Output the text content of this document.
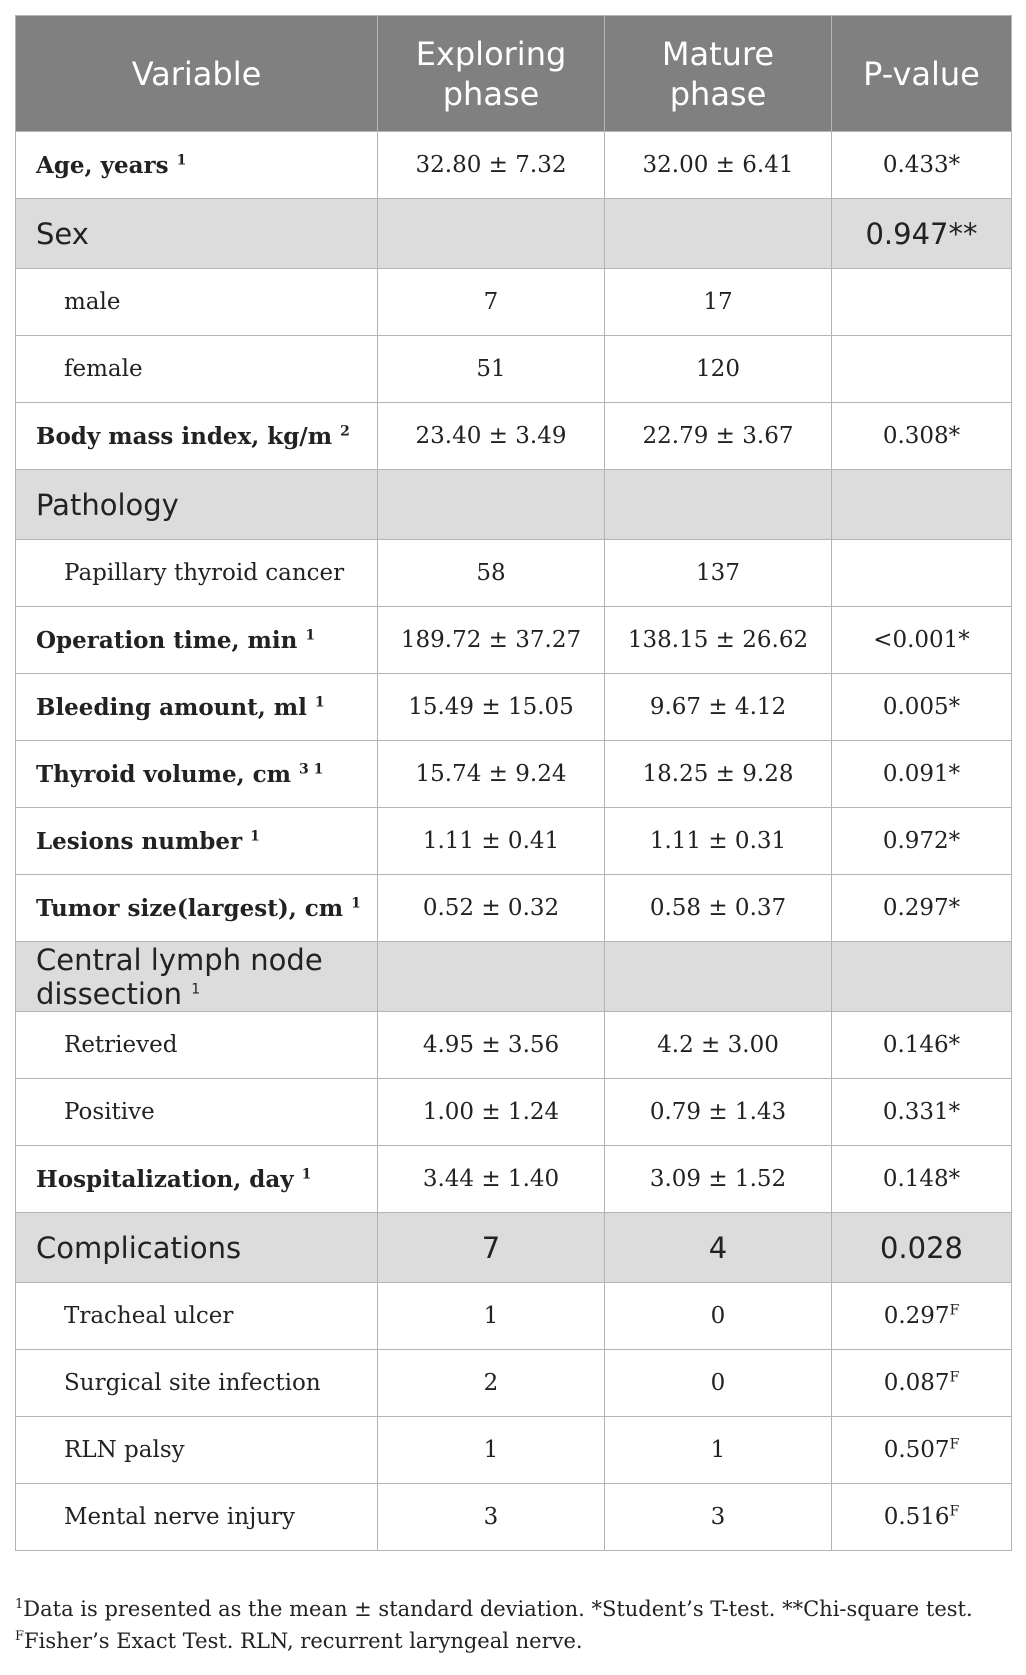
Variable	Exploring phase	Mature phase	P-value
Age, years $^1$	32.80 ± 7.32	32.00 ± 6.41	0.433*
Sex			0.947**
male	7	17	
female	51	120	
Body mass index, kg/m $^2$	23.40 ± 3.49	22.79 ± 3.67	0.308*
Pathology			
Papillary thyroid cancer	58	137	
Operation time, min $^1$	189.72 ± 37.27	138.15 ± 26.62	<0.001*
Bleeding amount, ml $^1$	15.49 ± 15.05	9.67 ± 4.12	0.005*
Thyroid volume, cm $^{3 1}$	15.74 ± 9.24	18.25 ± 9.28	0.091*
Lesions number $^1$	1.11 ± 0.41	1.11 ± 0.31	0.972*
Tumor size(largest), cm $^1$	0.52 ± 0.32	0.58 ± 0.37	0.297*
Central lymph node dissection $^1$			
Retrieved	4.95 ± 3.56	4.2 ± 3.00	0.146*
Positive	1.00 ± 1.24	0.79 ± 1.43	0.331*
Hospitalization, day $^1$	3.44 ± 1.40	3.09 ± 1.52	0.148*
Complications	7	4	0.028
Tracheal ulcer	1	0	$0.297^F$
Surgical site infection	2	0	$0.087^F$
RLN palsy	1	1	$0.507^F$
Mental nerve injury	3	3	$0.516^F$
$^1$Data is presented as the mean ± standard deviation. *Student’s T-test. **Chi-square test.
$^F$Fisher’s Exact Test. RLN, recurrent laryngeal nerve.
